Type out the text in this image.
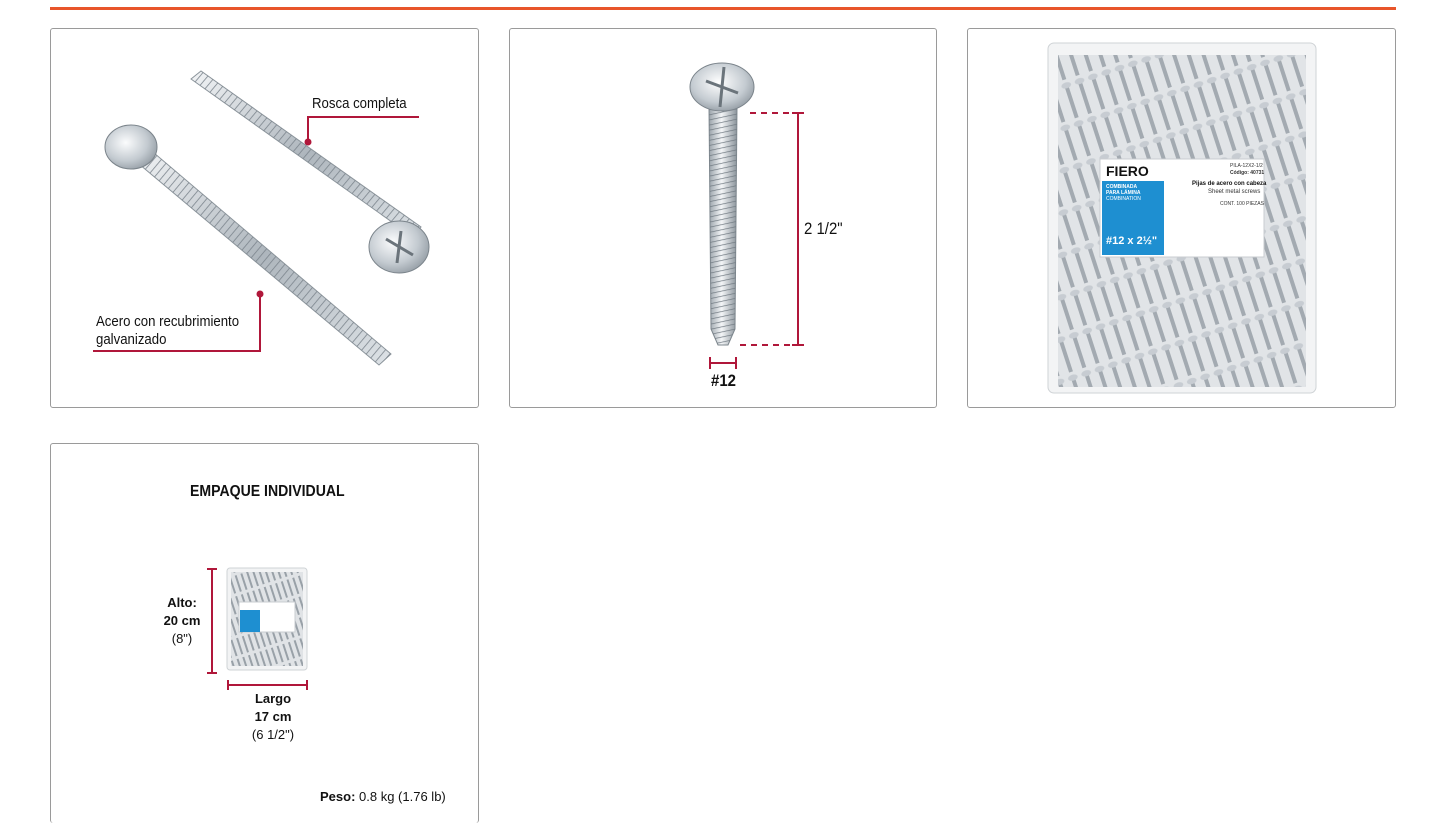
Rosca completa
Acero con recubrimiento
galvanizado
2 1/2"
#12
FIERO	PILA-12X2-1/2
Código: 40731
Pijas de acero con cabeza
Sheet metal screws
COMBINADA
PARA LÁMINA
COMBINATION
#12 x 2½"
CONT. 100 PIEZAS
EMPAQUE INDIVIDUAL
Alto:
20 cm
(8")
Largo
17 cm
(6 1/2")
Peso: 0.8 kg (1.76 lb)
